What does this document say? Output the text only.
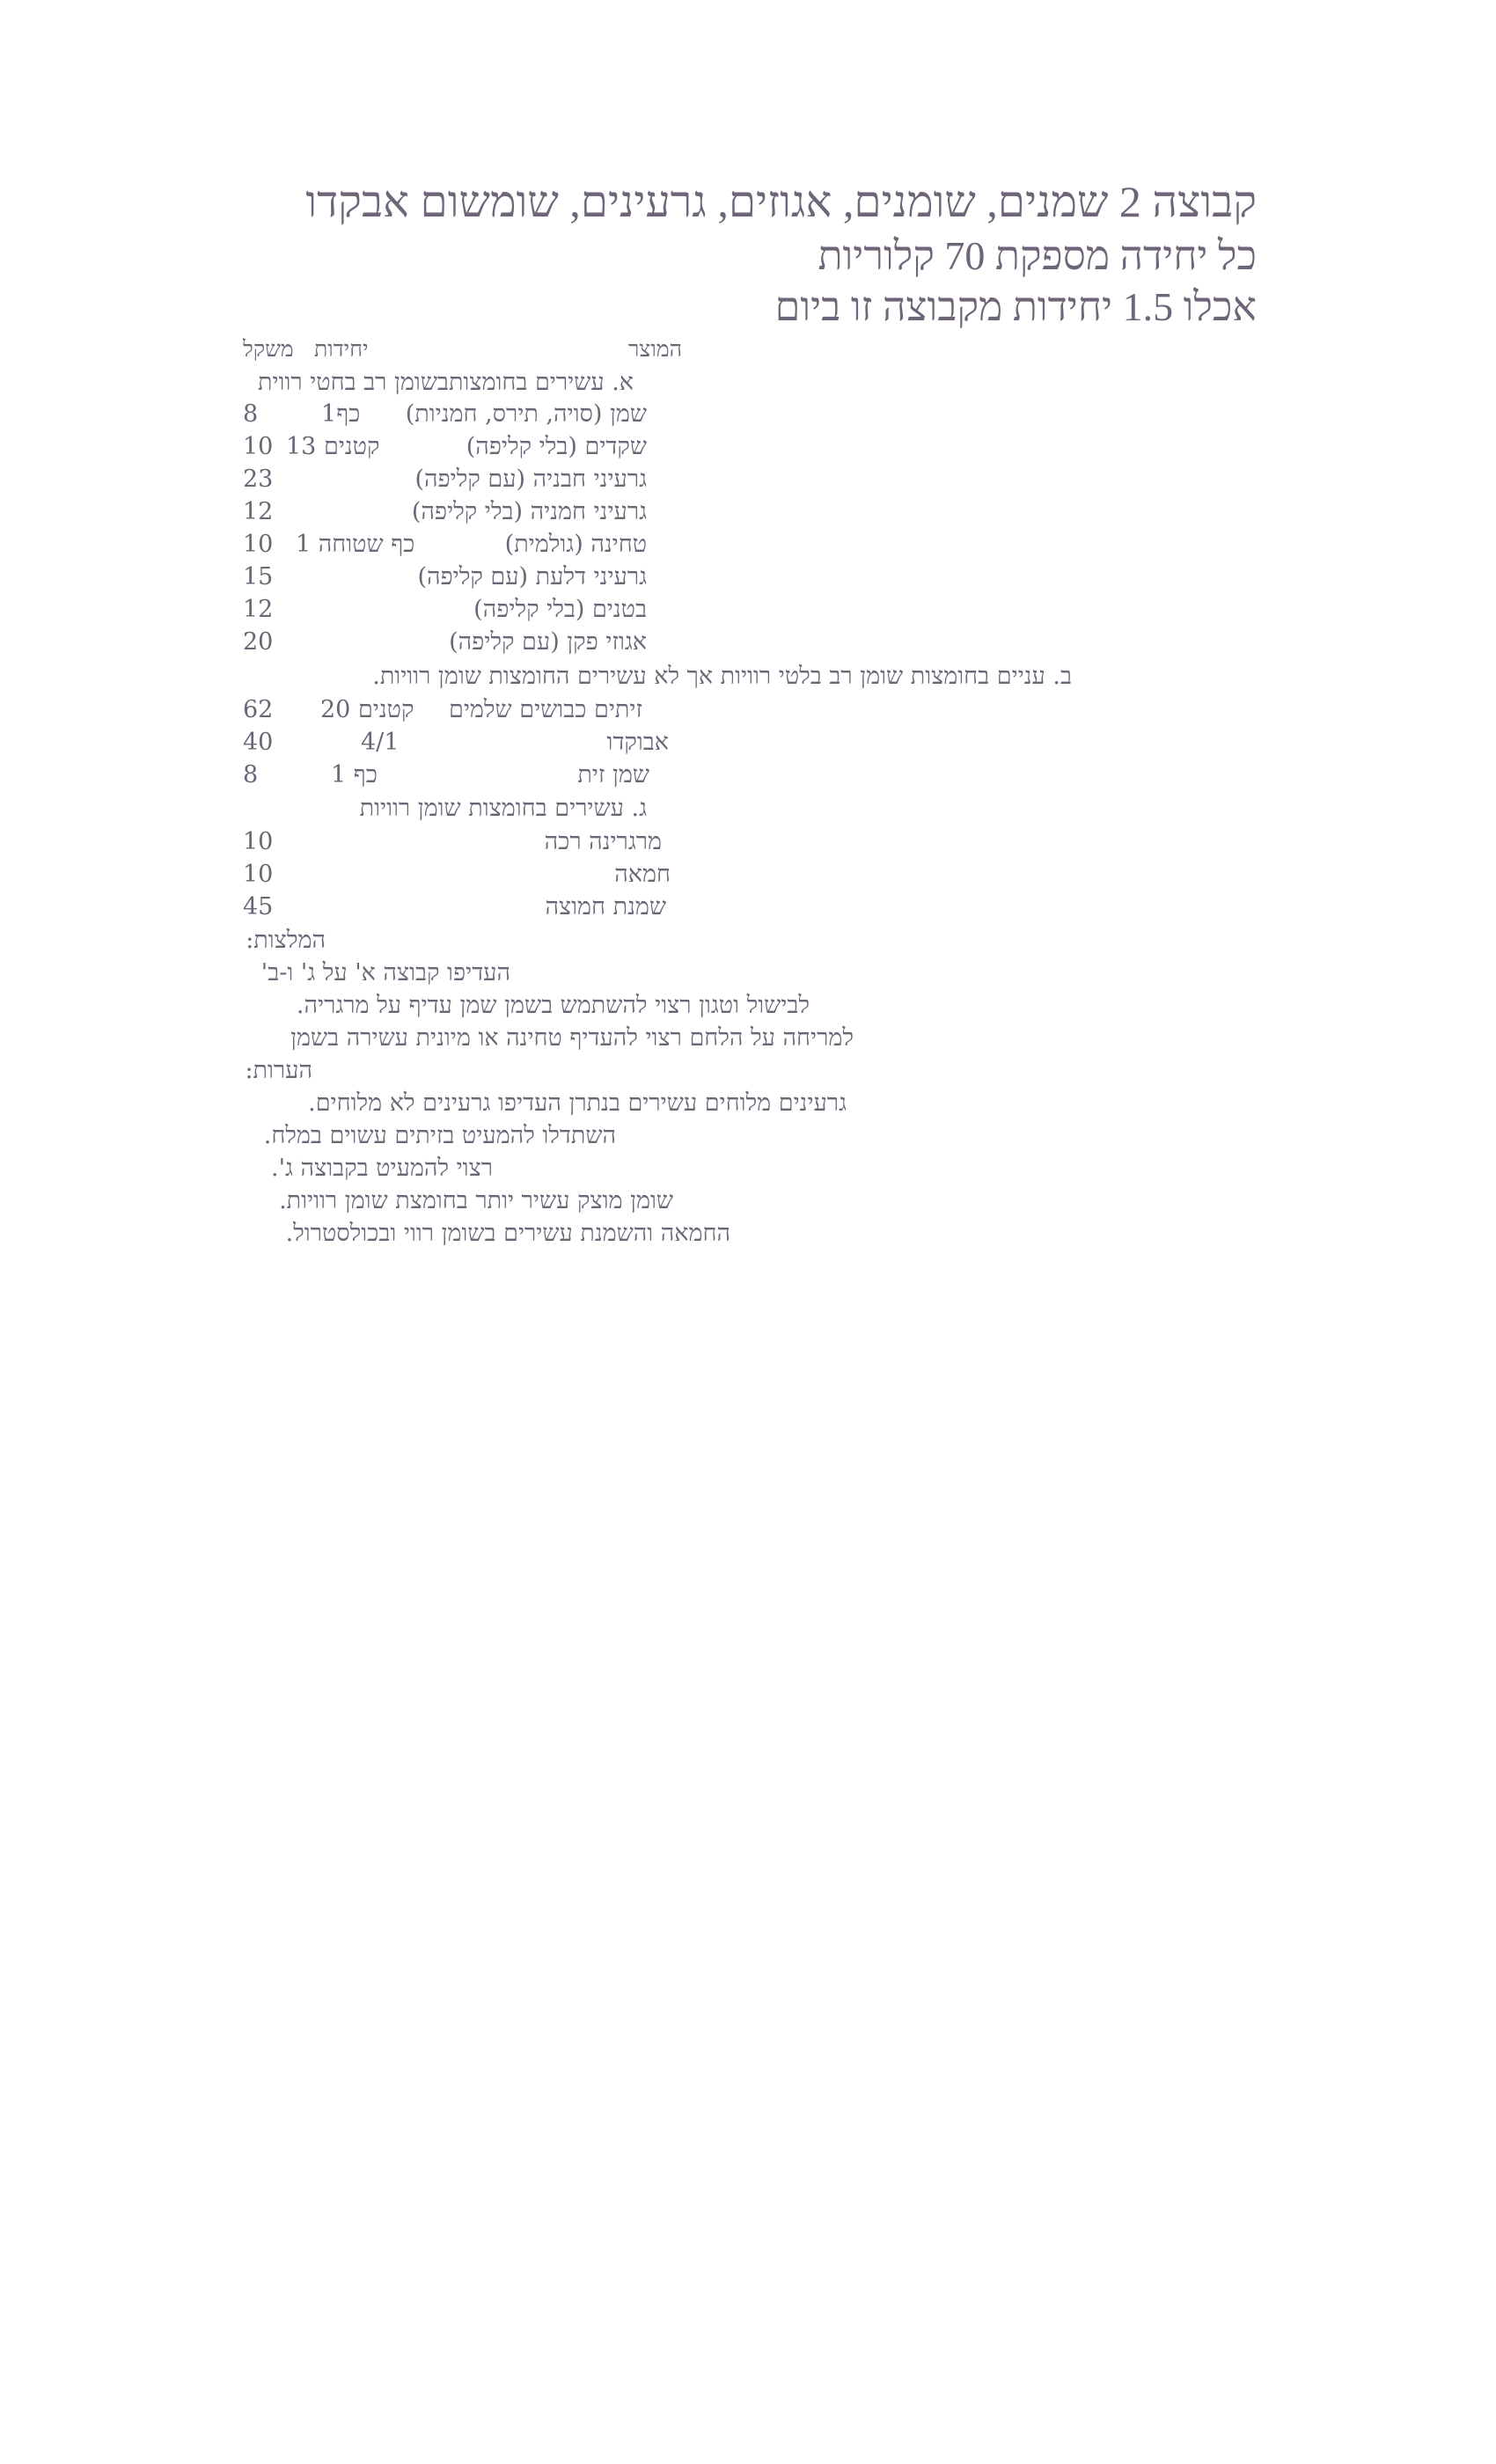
קבוצה 2 שמנים, שומנים, אגוזים, גרעינים, שומשום אבקדו
כל יחידה מספקת 70 קלוריות
אכלו 1.5 יחידות מקבוצה זו ביום
המוצר
יחידות
משקל
א. עשירים בחומצותבשומן רב בחטי רווית
שמן (סויה, תירס, חמניות)
1כף
8
שקדים (בלי קליפה)
13 קטנים
10
גרעיני חבניה (עם קליפה)
23
גרעיני חמניה (בלי קליפה)
12
טחינה (גולמית)
1 כף שטוחה
10
גרעיני דלעת (עם קליפה)
15
בטנים (בלי קליפה)
12
אגוזי פקן (עם קליפה)
20
ב. עניים בחומצות שומן רב בלטי רוויות אך לא עשירים החומצות שומן רוויות.
זיתים כבושים שלמים
20 קטנים
62
אבוקדו
4/1
40
שמן זית
1 כף
8
ג. עשירים בחומצות שומן רוויות
מרגרינה רכה
10
חמאה
10
שמנת חמוצה
45
המלצות:
העדיפו קבוצה א' על ג' ו-ב'
לבישול וטגון רצוי להשתמש בשמן שמן עדיף על מרגריה.
למריחה על הלחם רצוי להעדיף טחינה או מיונית עשירה בשמן
הערות:
גרעינים מלוחים עשירים בנתרן העדיפו גרעינים לא מלוחים.
השתדלו להמעיט בזיתים עשוים במלח.
רצוי להמעיט בקבוצה ג'.
שומן מוצק עשיר יותר בחומצת שומן רוויות.
החמאה והשמנת עשירים בשומן רווי ובכולסטרול.
